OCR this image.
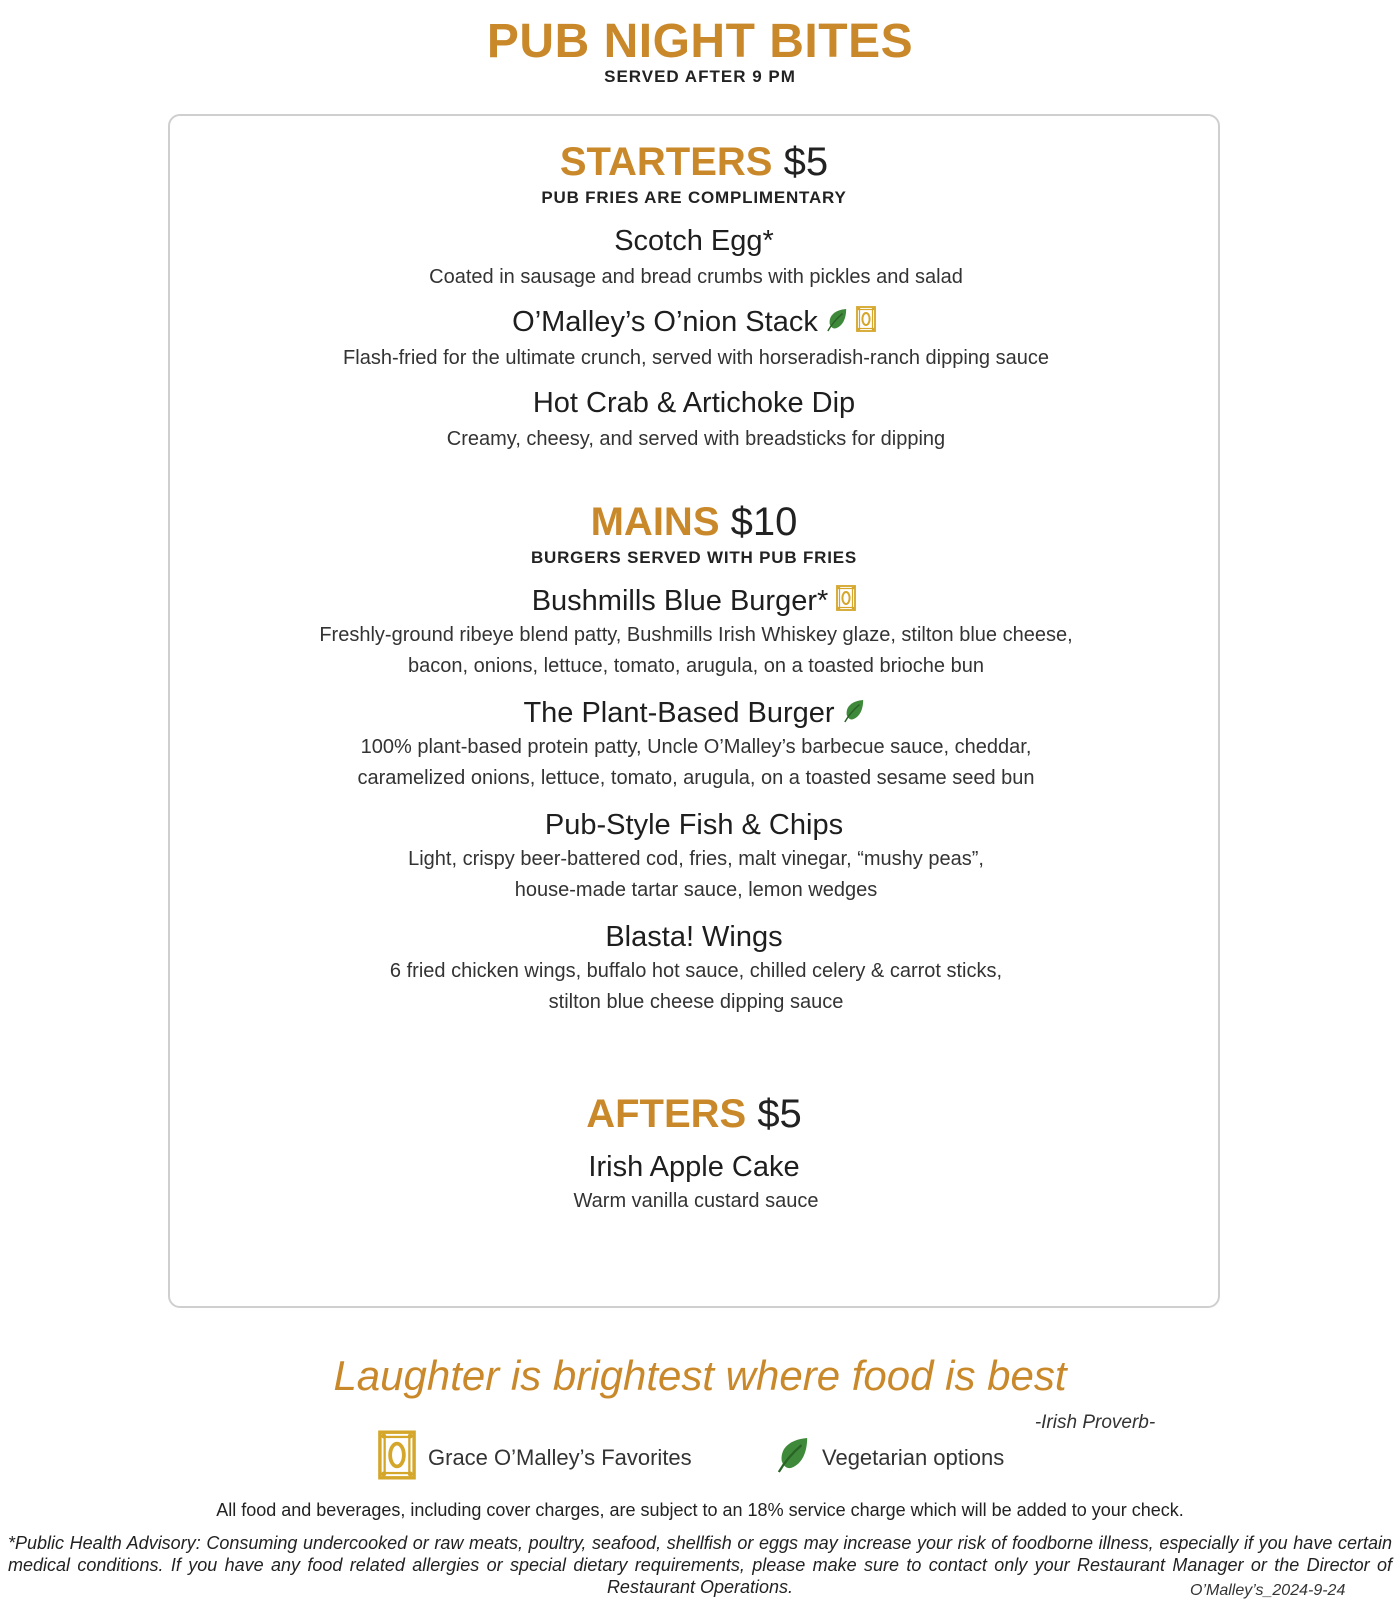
PUB NIGHT BITES
SERVED AFTER 9 PM
STARTERS $5
PUB FRIES ARE COMPLIMENTARY
Scotch Egg*
Coated in sausage and bread crumbs with pickles and salad
O’Malley’s O’nion Stack
Flash-fried for the ultimate crunch, served with horseradish-ranch dipping sauce
Hot Crab & Artichoke Dip
Creamy, cheesy, and served with breadsticks for dipping
MAINS $10
BURGERS SERVED WITH PUB FRIES
Bushmills Blue Burger*
Freshly-ground ribeye blend patty, Bushmills Irish Whiskey glaze, stilton blue cheese,
bacon, onions, lettuce, tomato, arugula, on a toasted brioche bun
The Plant-Based Burger
100% plant-based protein patty, Uncle O’Malley’s barbecue sauce, cheddar,
caramelized onions, lettuce, tomato, arugula, on a toasted sesame seed bun
Pub-Style Fish & Chips
Light, crispy beer-battered cod, fries, malt vinegar, “mushy peas”,
house-made tartar sauce, lemon wedges
Blasta! Wings
6 fried chicken wings, buffalo hot sauce, chilled celery & carrot sticks,
stilton blue cheese dipping sauce
AFTERS $5
Irish Apple Cake
Warm vanilla custard sauce
Laughter is brightest where food is best
-Irish Proverb-
Grace O’Malley’s Favorites	Vegetarian options
All food and beverages, including cover charges, are subject to an 18% service charge which will be added to your check.
*Public Health Advisory: Consuming undercooked or raw meats, poultry, seafood, shellfish or eggs may increase your risk of foodborne illness, especially if you have certain medical conditions. If you have any food related allergies or special dietary requirements, please make sure to contact only your Restaurant Manager or the Director of Restaurant Operations.	O’Malley’s_2024-9-24
